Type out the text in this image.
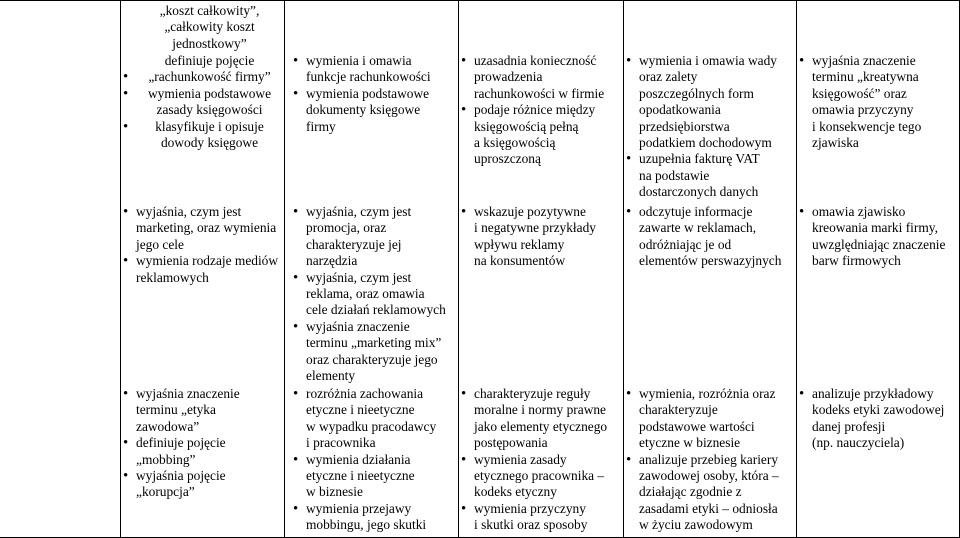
„koszt całkowity”,
„całkowity koszt
jednostkowy”
definiuje pojęcie
• „rachunkowość firmy”
• wymienia podstawowe
zasady księgowości
• klasyfikuje i opisuje
dowody księgowe
• wymienia i omawia
funkcje rachunkowości
• wymienia podstawowe
dokumenty księgowe
firmy
• uzasadnia konieczność
prowadzenia
rachunkowości w firmie
• podaje różnice między
księgowością pełną
a księgowością
uproszczoną
• wymienia i omawia wady
oraz zalety
poszczególnych form
opodatkowania
przedsiębiorstwa
podatkiem dochodowym
• uzupełnia fakturę VAT
na podstawie
dostarczonych danych
• wyjaśnia znaczenie
terminu „kreatywna
księgowość” oraz
omawia przyczyny
i konsekwencje tego
zjawiska
• wyjaśnia, czym jest
marketing, oraz wymienia
jego cele
• wymienia rodzaje mediów
reklamowych
• wyjaśnia, czym jest
promocja, oraz
charakteryzuje jej
narzędzia
• wyjaśnia, czym jest
reklama, oraz omawia
cele działań reklamowych
• wyjaśnia znaczenie
terminu „marketing mix”
oraz charakteryzuje jego
elementy
• wskazuje pozytywne
i negatywne przykłady
wpływu reklamy
na konsumentów
• odczytuje informacje
zawarte w reklamach,
odróżniając je od
elementów perswazyjnych
• omawia zjawisko
kreowania marki firmy,
uwzględniając znaczenie
barw firmowych
• wyjaśnia znaczenie
terminu „etyka
zawodowa”
• definiuje pojęcie
„mobbing”
• wyjaśnia pojęcie
„korupcja”
• rozróżnia zachowania
etyczne i nieetyczne
w wypadku pracodawcy
i pracownika
• wymienia działania
etyczne i nieetyczne
w biznesie
• wymienia przejawy
mobbingu, jego skutki
• charakteryzuje reguły
moralne i normy prawne
jako elementy etycznego
postępowania
• wymienia zasady
etycznego pracownika –
kodeks etyczny
• wymienia przyczyny
i skutki oraz sposoby
• wymienia, rozróżnia oraz
charakteryzuje
podstawowe wartości
etyczne w biznesie
• analizuje przebieg kariery
zawodowej osoby, która –
działając zgodnie z
zasadami etyki – odniosła
w życiu zawodowym
• analizuje przykładowy
kodeks etyki zawodowej
danej profesji
(np. nauczyciela)
